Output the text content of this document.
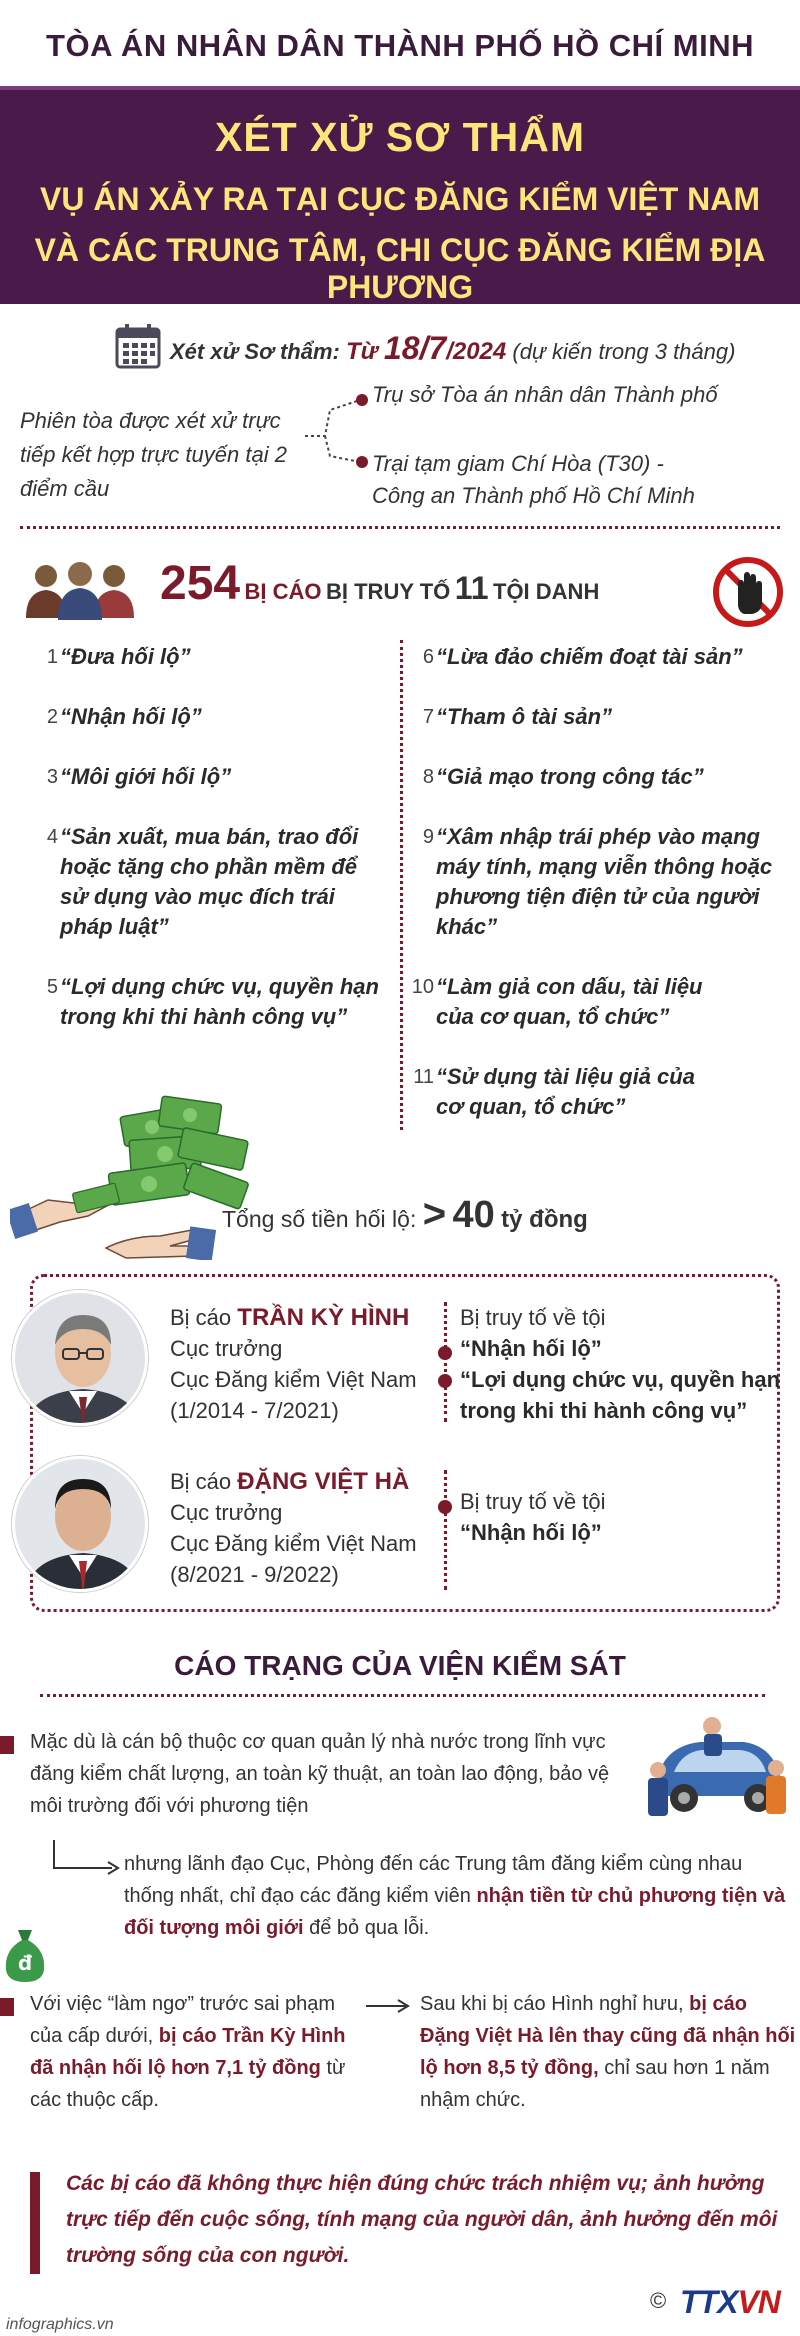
TÒA ÁN NHÂN DÂN THÀNH PHỐ HỒ CHÍ MINH
XÉT XỬ SƠ THẨM
VỤ ÁN XẢY RA TẠI CỤC ĐĂNG KIỂM VIỆT NAM
VÀ CÁC TRUNG TÂM, CHI CỤC ĐĂNG KIỂM ĐỊA PHƯƠNG
Xét xử Sơ thẩm: Từ 18/7/2024 (dự kiến trong 3 tháng)
Phiên tòa được xét xử trực tiếp kết hợp trực tuyến tại 2 điểm cầu
Trụ sở Tòa án nhân dân Thành phố
Trại tạm giam Chí Hòa (T30) -
Công an Thành phố Hồ Chí Minh
254 BỊ CÁO BỊ TRUY TỐ 11 TỘI DANH
1 “Đưa hối lộ”
2 “Nhận hối lộ”
3 “Môi giới hối lộ”
4 “Sản xuất, mua bán, trao đổi hoặc tặng cho phần mềm để sử dụng vào mục đích trái pháp luật”
5 “Lợi dụng chức vụ, quyền hạn trong khi thi hành công vụ”
6 “Lừa đảo chiếm đoạt tài sản”
7 “Tham ô tài sản”
8 “Giả mạo trong công tác”
9 “Xâm nhập trái phép vào mạng máy tính, mạng viễn thông hoặc phương tiện điện tử của người khác”
10 “Làm giả con dấu, tài liệu của cơ quan, tổ chức”
11 “Sử dụng tài liệu giả của cơ quan, tổ chức”
Tổng số tiền hối lộ: > 40 tỷ đồng
Bị cáo TRẦN KỲ HÌNH
Cục trưởng
Cục Đăng kiểm Việt Nam
(1/2014 - 7/2021)
Bị truy tố về tội
“Nhận hối lộ”
“Lợi dụng chức vụ, quyền hạn trong khi thi hành công vụ”
Bị cáo ĐẶNG VIỆT HÀ
Cục trưởng
Cục Đăng kiểm Việt Nam
(8/2021 - 9/2022)
Bị truy tố về tội
“Nhận hối lộ”
CÁO TRẠNG CỦA VIỆN KIỂM SÁT
Mặc dù là cán bộ thuộc cơ quan quản lý nhà nước trong lĩnh vực đăng kiểm chất lượng, an toàn kỹ thuật, an toàn lao động, bảo vệ môi trường đối với phương tiện
nhưng lãnh đạo Cục, Phòng đến các Trung tâm đăng kiểm cùng nhau thống nhất, chỉ đạo các đăng kiểm viên nhận tiền từ chủ phương tiện và đối tượng môi giới để bỏ qua lỗi.
đ
Với việc “làm ngơ” trước sai phạm của cấp dưới, bị cáo Trần Kỳ Hình đã nhận hối lộ hơn 7,1 tỷ đồng từ các thuộc cấp.
Sau khi bị cáo Hình nghỉ hưu, bị cáo Đặng Việt Hà lên thay cũng đã nhận hối lộ hơn 8,5 tỷ đồng, chỉ sau hơn 1 năm nhậm chức.
Các bị cáo đã không thực hiện đúng chức trách nhiệm vụ; ảnh hưởng trực tiếp đến cuộc sống, tính mạng của người dân, ảnh hưởng đến môi trường sống của con người.
infographics.vn
© TTXVN
